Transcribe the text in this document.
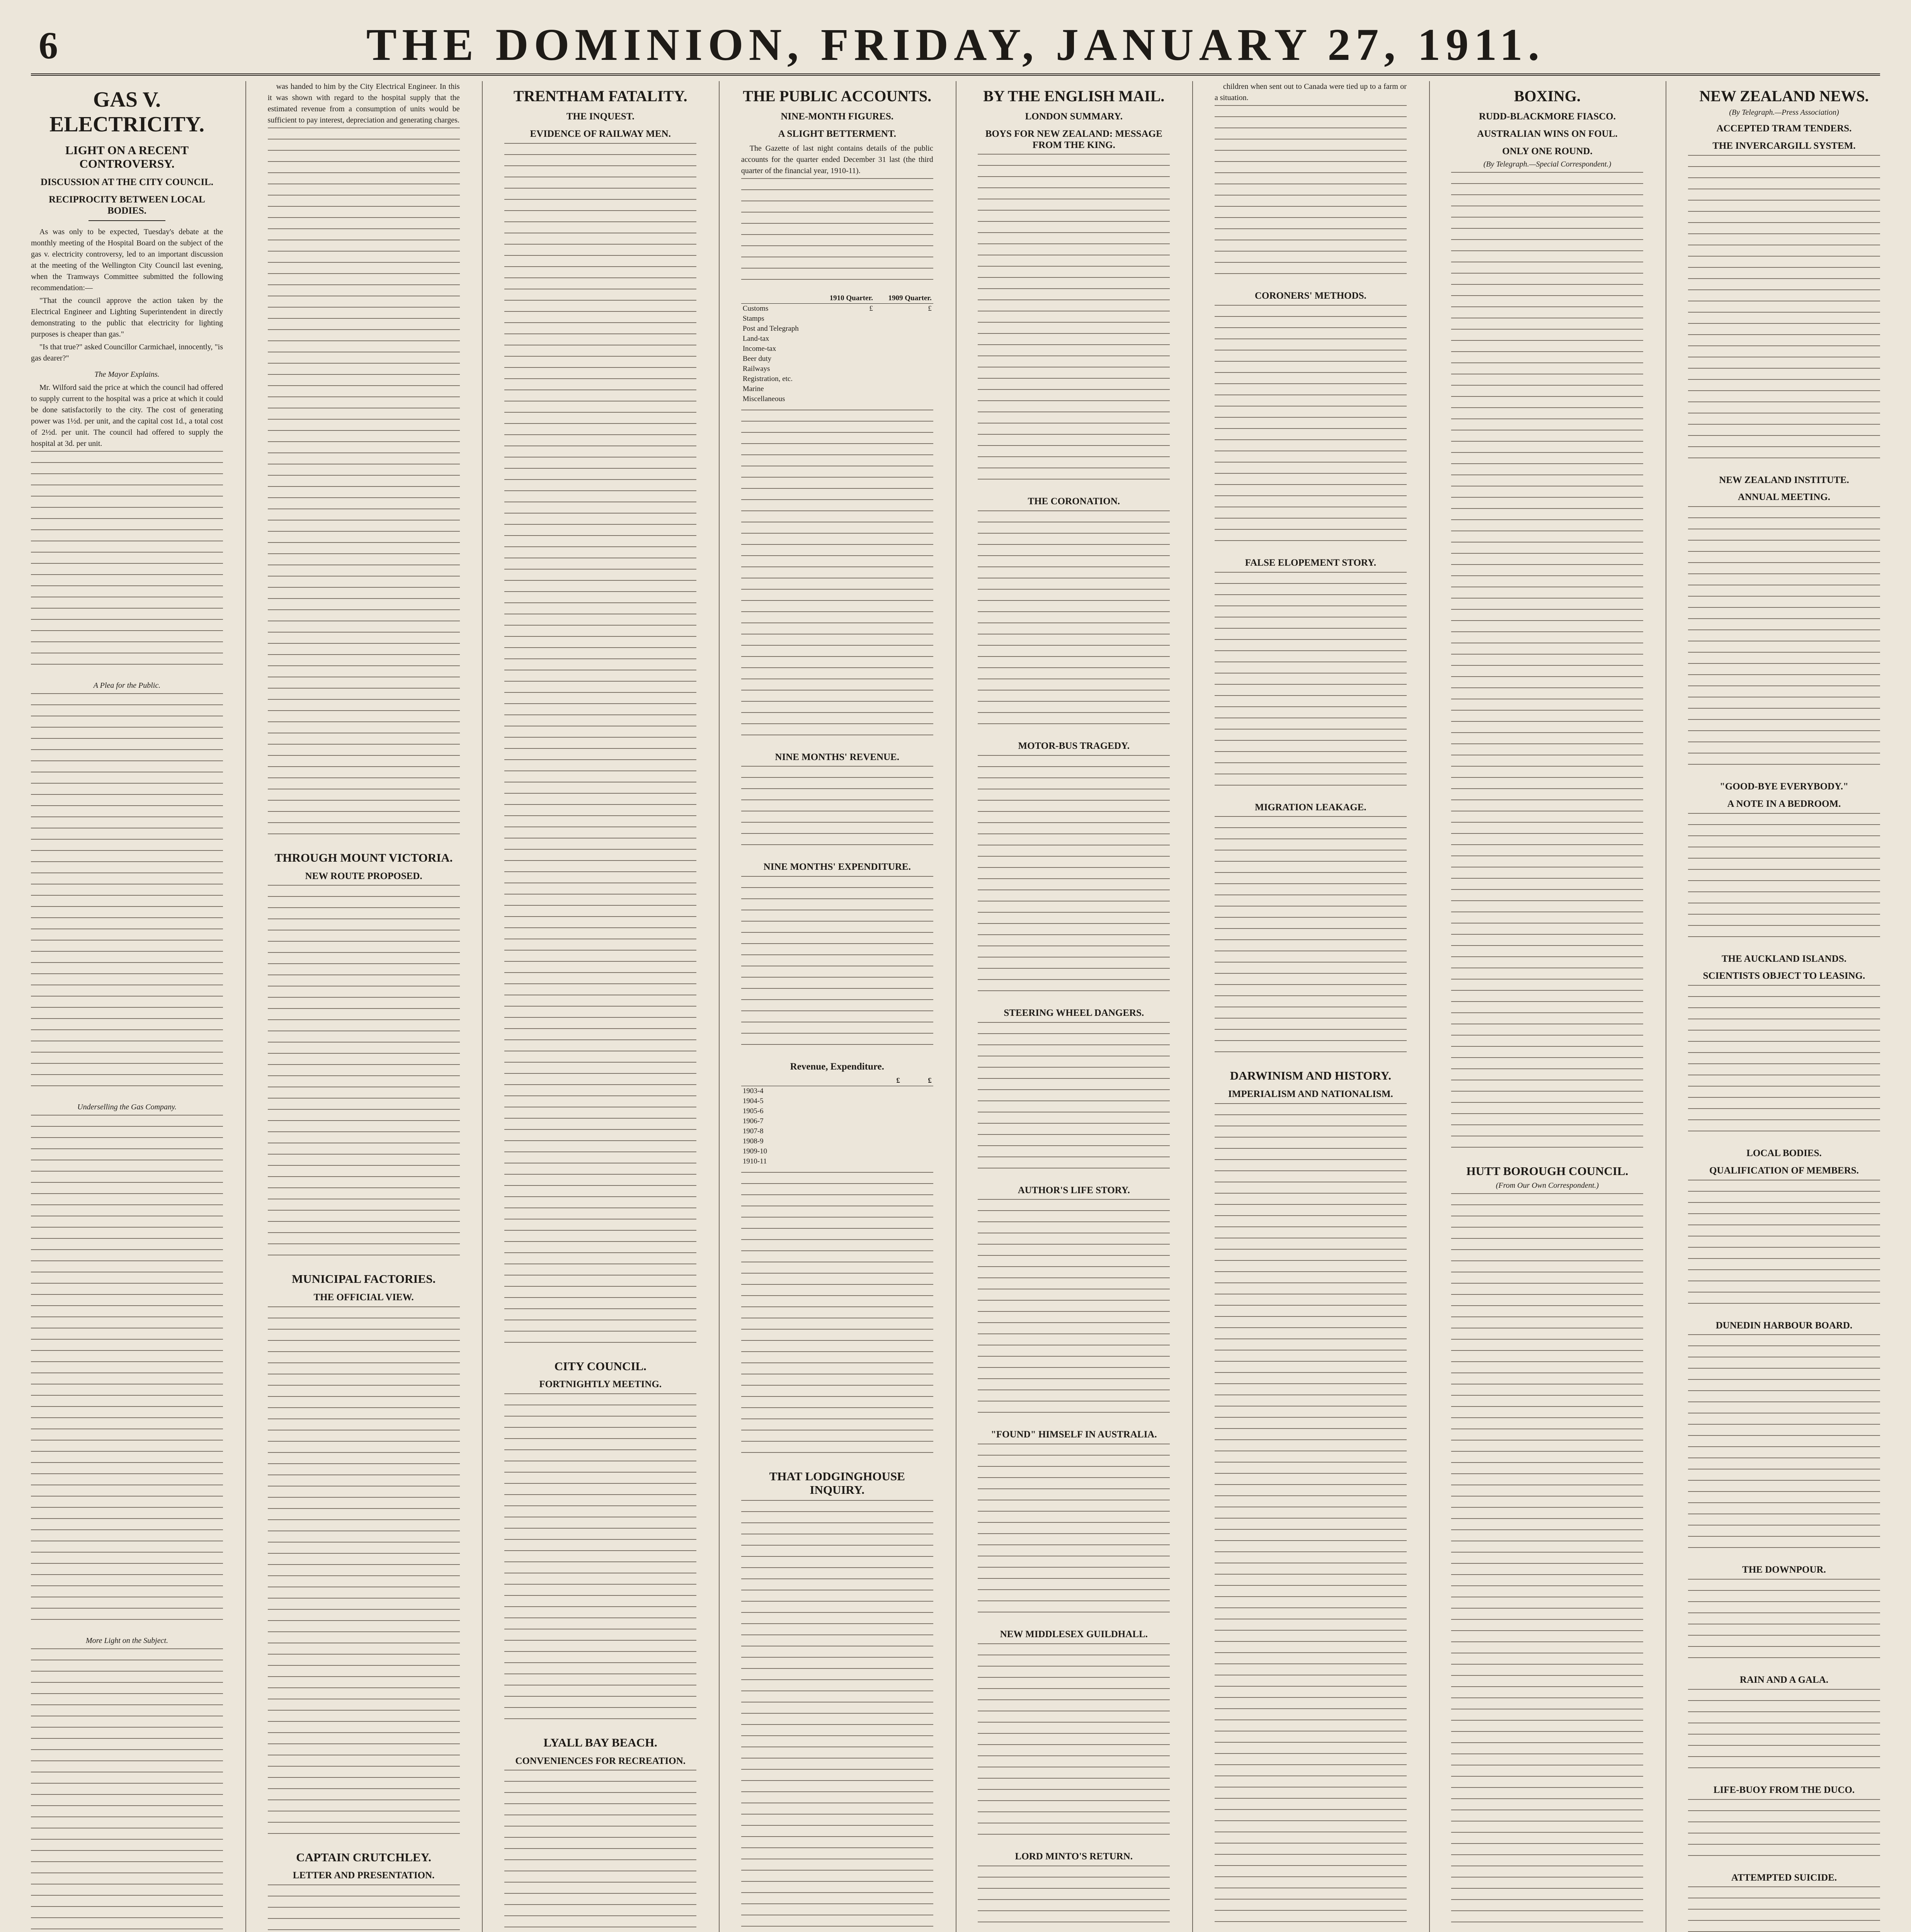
6	THE DOMINION, FRIDAY, JANUARY 27, 1911.
GAS V. ELECTRICITY.
LIGHT ON A RECENT CONTROVERSY.
DISCUSSION AT THE CITY COUNCIL.
RECIPROCITY BETWEEN LOCAL BODIES.

As was only to be expected, Tuesday's debate at the monthly meeting of the Hospital Board on the subject of the gas v. electricity controversy, led to an important discussion at the meeting of the Wellington City Council last evening, when the Tramways Committee submitted the following recommendation:—

"That the council approve the action taken by the Electrical Engineer and Lighting Superintendent in directly demonstrating to the public that electricity for lighting purposes is cheaper than gas."

"Is that true?" asked Councillor Carmichael, innocently, "is gas dearer?"

The Mayor Explains.

Mr. Wilford said the price at which the council had offered to supply current to the hospital was a price at which it could be done satisfactorily to the city. The cost of generating power was 1½d. per unit, and the capital cost 1d., a total cost of 2½d. per unit. The council had offered to supply the hospital at 3d. per unit.

A Plea for the Public.
Underselling the Gas Company.
More Light on the Subject.

was handed to him by the City Electrical Engineer. In this it was shown with regard to the hospital supply that the estimated revenue from a consumption of units would be sufficient to pay interest, depreciation and generating charges.

THROUGH MOUNT VICTORIA.
NEW ROUTE PROPOSED.
MUNICIPAL FACTORIES.
THE OFFICIAL VIEW.
CAPTAIN CRUTCHLEY.
LETTER AND PRESENTATION.
TRENTHAM FATALITY.
THE INQUEST.
EVIDENCE OF RAILWAY MEN.
CITY COUNCIL.
FORTNIGHTLY MEETING.
LYALL BAY BEACH.
CONVENIENCES FOR RECREATION.
THE PUBLIC ACCOUNTS.
NINE-MONTH FIGURES.
A SLIGHT BETTERMENT.

The Gazette of last night contains details of the public accounts for the quarter ended December 31 last (the third quarter of the financial year, 1910-11).

	1910 Quarter.	1909 Quarter.
Customs	£	£
Stamps		
Post and Telegraph		
Land-tax		
Income-tax		
Beer duty		
Railways		
Registration, etc.		
Marine		
Miscellaneous		
NINE MONTHS' REVENUE.
NINE MONTHS' EXPENDITURE.
Revenue, Expenditure.
	£	£
1903-4		
1904-5		
1905-6		
1906-7		
1907-8		
1908-9		
1909-10		
1910-11		
THAT LODGINGHOUSE INQUIRY.
BY THE ENGLISH MAIL.
LONDON SUMMARY.
BOYS FOR NEW ZEALAND: MESSAGE FROM THE KING.
THE CORONATION.
MOTOR-BUS TRAGEDY.
STEERING WHEEL DANGERS.
AUTHOR'S LIFE STORY.
"FOUND" HIMSELF IN AUSTRALIA.
NEW MIDDLESEX GUILDHALL.
LORD MINTO'S RETURN.

children when sent out to Canada were tied up to a farm or a situation.

CORONERS' METHODS.
FALSE ELOPEMENT STORY.
MIGRATION LEAKAGE.
DARWINISM AND HISTORY.
IMPERIALISM AND NATIONALISM.
BOXING.
RUDD-BLACKMORE FIASCO.
AUSTRALIAN WINS ON FOUL.
ONLY ONE ROUND.
(By Telegraph.—Special Correspondent.)
HUTT BOROUGH COUNCIL.
(From Our Own Correspondent.)
NEW ZEALAND NEWS.
(By Telegraph.—Press Association)
ACCEPTED TRAM TENDERS.
THE INVERCARGILL SYSTEM.
NEW ZEALAND INSTITUTE.
ANNUAL MEETING.
"GOOD-BYE EVERYBODY."
A NOTE IN A BEDROOM.
THE AUCKLAND ISLANDS.
SCIENTISTS OBJECT TO LEASING.
LOCAL BODIES.
QUALIFICATION OF MEMBERS.
DUNEDIN HARBOUR BOARD.
THE DOWNPOUR.
RAIN AND A GALA.
LIFE-BUOY FROM THE DUCO.
ATTEMPTED SUICIDE.
